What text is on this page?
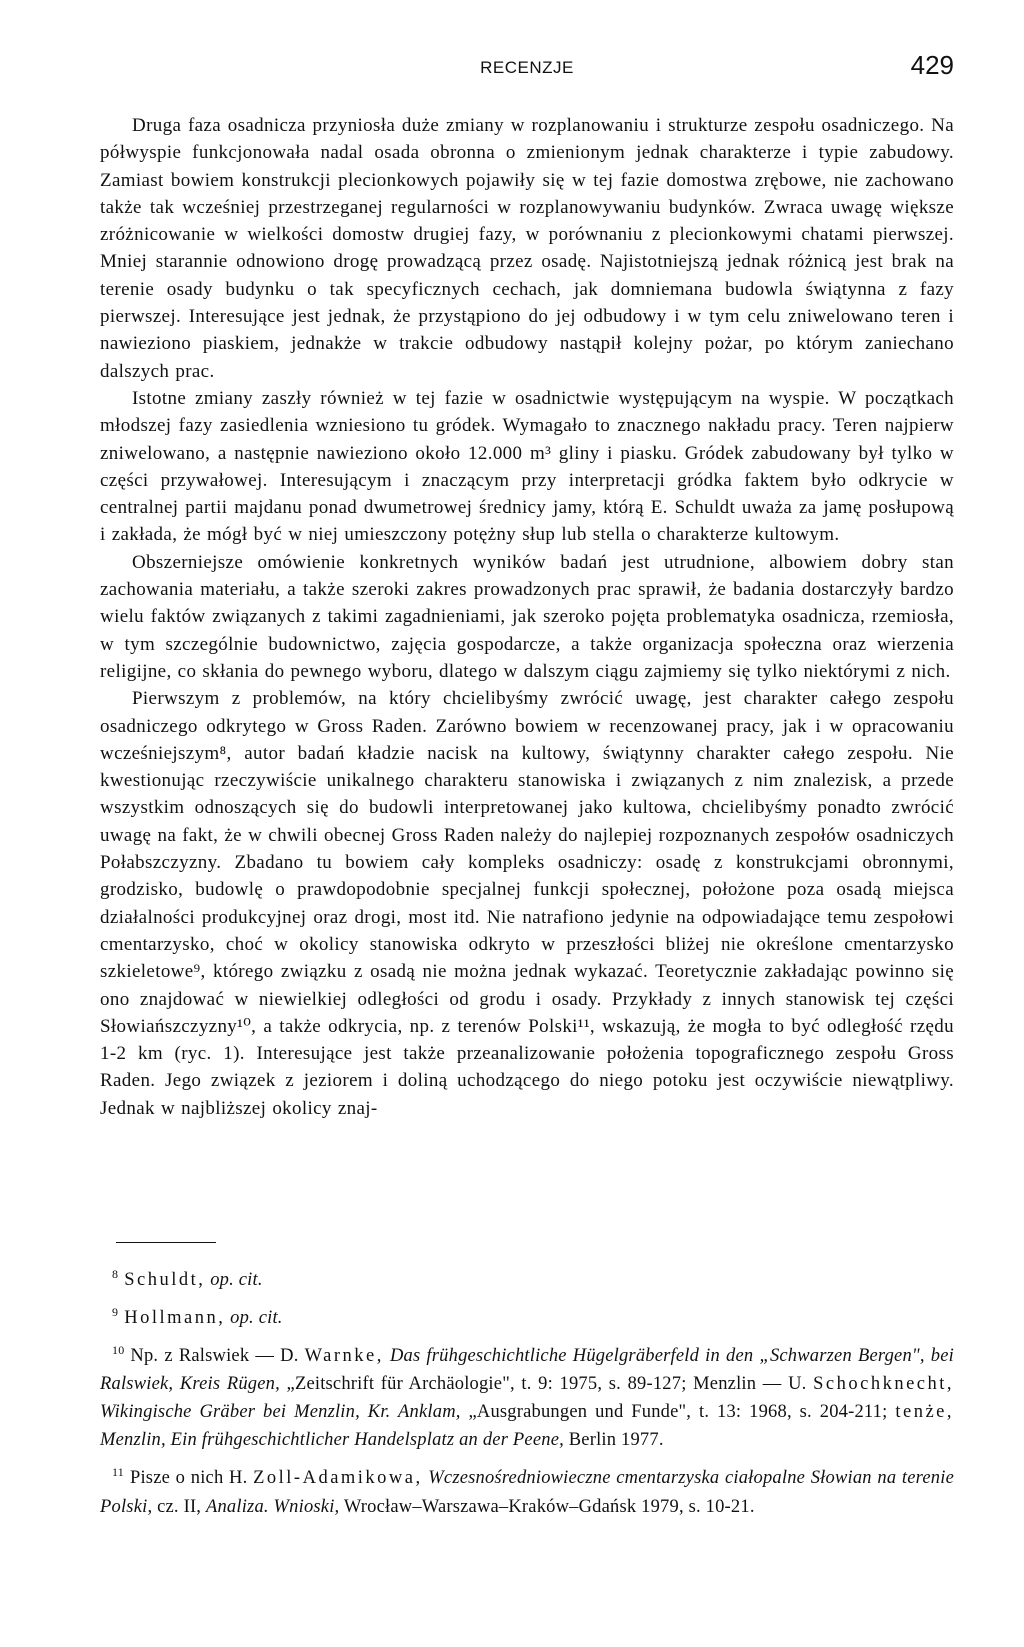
RECENZJE	429

Druga faza osadnicza przyniosła duże zmiany w rozplanowaniu i strukturze zespołu osadniczego. Na półwyspie funkcjonowała nadal osada obronna o zmienionym jednak charakterze i typie zabudowy. Zamiast bowiem konstrukcji plecionkowych pojawiły się w tej fazie domostwa zrębowe, nie zachowano także tak wcześniej przestrzeganej regularności w rozplanowywaniu budynków. Zwraca uwagę większe zróżnicowanie w wielkości domostw drugiej fazy, w porównaniu z plecionkowymi chatami pierwszej. Mniej starannie odnowiono drogę prowadzącą przez osadę. Najistotniejszą jednak różnicą jest brak na terenie osady budynku o tak specyficznych cechach, jak domniemana budowla świątynna z fazy pierwszej. Interesujące jest jednak, że przystąpiono do jej odbudowy i w tym celu zniwelowano teren i nawieziono piaskiem, jednakże w trakcie odbudowy nastąpił kolejny pożar, po którym zaniechano dalszych prac.

Istotne zmiany zaszły również w tej fazie w osadnictwie występującym na wyspie. W początkach młodszej fazy zasiedlenia wzniesiono tu gródek. Wymagało to znacznego nakładu pracy. Teren najpierw zniwelowano, a następnie nawieziono około 12.000 m³ gliny i piasku. Gródek zabudowany był tylko w części przywałowej. Interesującym i znaczącym przy interpretacji gródka faktem było odkrycie w centralnej partii majdanu ponad dwumetrowej średnicy jamy, którą E. Schuldt uważa za jamę posłupową i zakłada, że mógł być w niej umieszczony potężny słup lub stella o charakterze kultowym.

Obszerniejsze omówienie konkretnych wyników badań jest utrudnione, albowiem dobry stan zachowania materiału, a także szeroki zakres prowadzonych prac sprawił, że badania dostarczyły bardzo wielu faktów związanych z takimi zagadnieniami, jak szeroko pojęta problematyka osadnicza, rzemiosła, w tym szczególnie budownictwo, zajęcia gospodarcze, a także organizacja społeczna oraz wierzenia religijne, co skłania do pewnego wyboru, dlatego w dalszym ciągu zajmiemy się tylko niektórymi z nich.

Pierwszym z problemów, na który chcielibyśmy zwrócić uwagę, jest charakter całego zespołu osadniczego odkrytego w Gross Raden. Zarówno bowiem w recenzowanej pracy, jak i w opracowaniu wcześniejszym⁸, autor badań kładzie nacisk na kultowy, świątynny charakter całego zespołu. Nie kwestionując rzeczywiście unikalnego charakteru stanowiska i związanych z nim znalezisk, a przede wszystkim odnoszących się do budowli interpretowanej jako kultowa, chcielibyśmy ponadto zwrócić uwagę na fakt, że w chwili obecnej Gross Raden należy do najlepiej rozpoznanych zespołów osadniczych Połabszczyzny. Zbadano tu bowiem cały kompleks osadniczy: osadę z konstrukcjami obronnymi, grodzisko, budowlę o prawdopodobnie specjalnej funkcji społecznej, położone poza osadą miejsca działalności produkcyjnej oraz drogi, most itd. Nie natrafiono jedynie na odpowiadające temu zespołowi cmentarzysko, choć w okolicy stanowiska odkryto w przeszłości bliżej nie określone cmentarzysko szkieletowe⁹, którego związku z osadą nie można jednak wykazać. Teoretycznie zakładając powinno się ono znajdować w niewielkiej odległości od grodu i osady. Przykłady z innych stanowisk tej części Słowiańszczyzny¹⁰, a także odkrycia, np. z terenów Polski¹¹, wskazują, że mogła to być odległość rzędu 1-2 km (ryc. 1). Interesujące jest także przeanalizowanie położenia topograficznego zespołu Gross Raden. Jego związek z jeziorem i doliną uchodzącego do niego potoku jest oczywiście niewątpliwy. Jednak w najbliższej okolicy znaj-

$^8$ Schuldt, op. cit.

$^9$ Hollmann, op. cit.

$^{10}$ Np. z Ralswiek — D. Warnke, Das frühgeschichtliche Hügelgräberfeld in den „Schwarzen Bergen", bei Ralswiek, Kreis Rügen, „Zeitschrift für Archäologie", t. 9: 1975, s. 89-127; Menzlin — U. Schochknecht, Wikingische Gräber bei Menzlin, Kr. Anklam, „Ausgrabungen und Funde", t. 13: 1968, s. 204-211; tenże, Menzlin, Ein frühgeschichtlicher Handelsplatz an der Peene, Berlin 1977.

$^{11}$ Pisze o nich H. Zoll-Adamikowa, Wczesnośredniowieczne cmentarzyska ciałopalne Słowian na terenie Polski, cz. II, Analiza. Wnioski, Wrocław–Warszawa–Kraków–Gdańsk 1979, s. 10-21.
